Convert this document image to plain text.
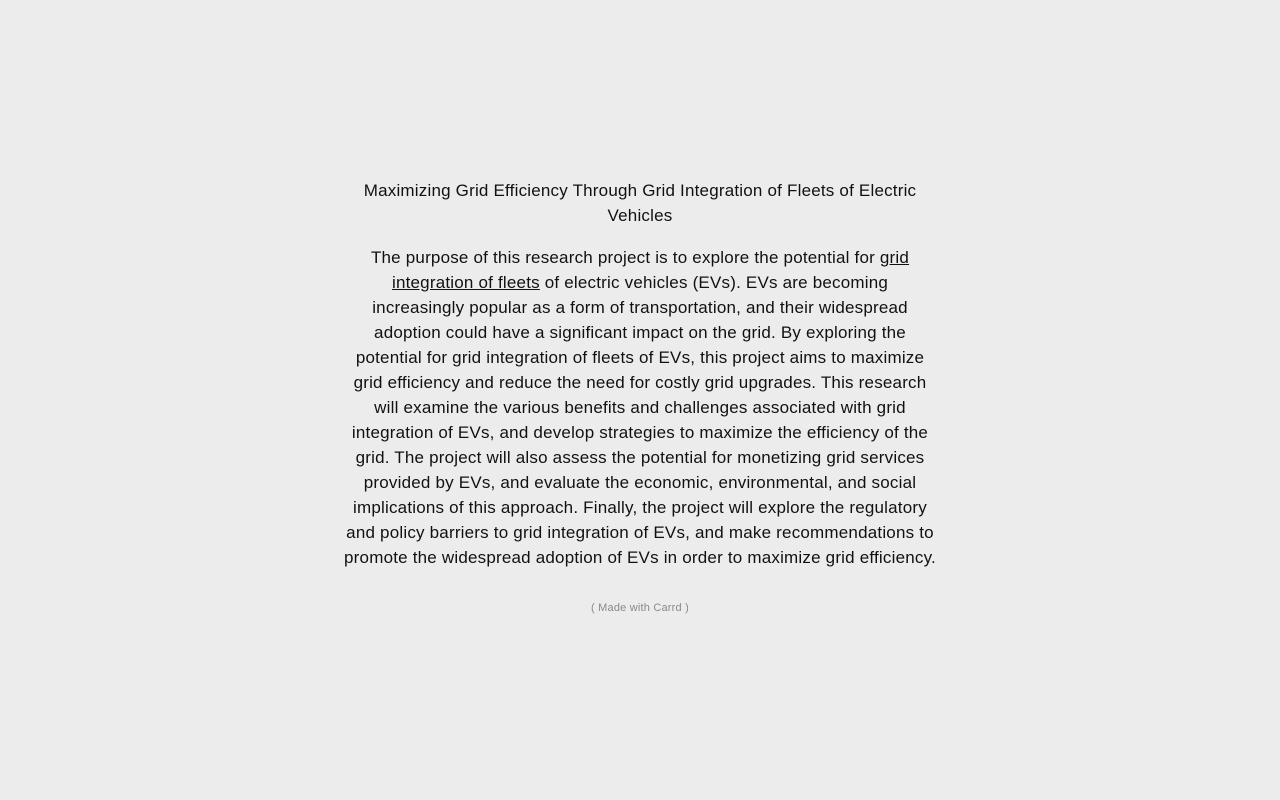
Maximizing Grid Efficiency Through Grid Integration of Fleets of Electric Vehicles

The purpose of this research project is to explore the potential for grid integration of fleets of electric vehicles (EVs). EVs are becoming increasingly popular as a form of transportation, and their widespread adoption could have a significant impact on the grid. By exploring the potential for grid integration of fleets of EVs, this project aims to maximize grid efficiency and reduce the need for costly grid upgrades. This research will examine the various benefits and challenges associated with grid integration of EVs, and develop strategies to maximize the efficiency of the grid. The project will also assess the potential for monetizing grid services provided by EVs, and evaluate the economic, environmental, and social implications of this approach. Finally, the project will explore the regulatory and policy barriers to grid integration of EVs, and make recommendations to promote the widespread adoption of EVs in order to maximize grid efficiency.

( Made with Carrd )
